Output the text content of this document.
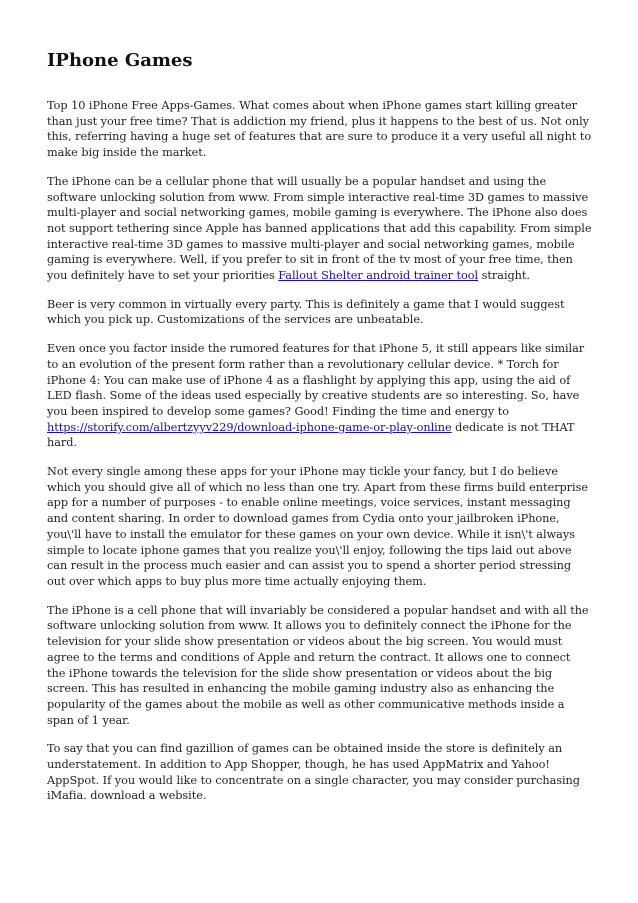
IPhone Games

Top 10 iPhone Free Apps-Games. What comes about when iPhone games start killing greater than just your free time? That is addiction my friend, plus it happens to the best of us. Not only this, referring having a huge set of features that are sure to produce it a very useful all night to make big inside the market.

The iPhone can be a cellular phone that will usually be a popular handset and using the software unlocking solution from www. From simple interactive real-time 3D games to massive multi-player and social networking games, mobile gaming is everywhere. The iPhone also does not support tethering since Apple has banned applications that add this capability. From simple interactive real-time 3D games to massive multi-player and social networking games, mobile gaming is everywhere. Well, if you prefer to sit in front of the tv most of your free time, then you definitely have to set your priorities Fallout Shelter android trainer tool straight.

Beer is very common in virtually every party. This is definitely a game that I would suggest which you pick up. Customizations of the services are unbeatable.

Even once you factor inside the rumored features for that iPhone 5, it still appears like similar to an evolution of the present form rather than a revolutionary cellular device. * Torch for iPhone 4: You can make use of iPhone 4 as a flashlight by applying this app, using the aid of LED flash. Some of the ideas used especially by creative students are so interesting. So, have you been inspired to develop some games? Good! Finding the time and energy to https://storify.com/albertzyyv229/download-iphone-game-or-play-online dedicate is not THAT hard.

Not every single among these apps for your iPhone may tickle your fancy, but I do believe which you should give all of which no less than one try. Apart from these firms build enterprise app for a number of purposes - to enable online meetings, voice services, instant messaging and content sharing. In order to download games from Cydia onto your jailbroken iPhone, you\'ll have to install the emulator for these games on your own device. While it isn\'t always simple to locate iphone games that you realize you\'ll enjoy, following the tips laid out above can result in the process much easier and can assist you to spend a shorter period stressing out over which apps to buy plus more time actually enjoying them.

The iPhone is a cell phone that will invariably be considered a popular handset and with all the software unlocking solution from www. It allows you to definitely connect the iPhone for the television for your slide show presentation or videos about the big screen. You would must agree to the terms and conditions of Apple and return the contract. It allows one to connect the iPhone towards the television for the slide show presentation or videos about the big screen. This has resulted in enhancing the mobile gaming industry also as enhancing the popularity of the games about the mobile as well as other communicative methods inside a span of 1 year.

To say that you can find gazillion of games can be obtained inside the store is definitely an understatement. In addition to App Shopper, though, he has used AppMatrix and Yahoo! AppSpot. If you would like to concentrate on a single character, you may consider purchasing iMafia. download a website.
